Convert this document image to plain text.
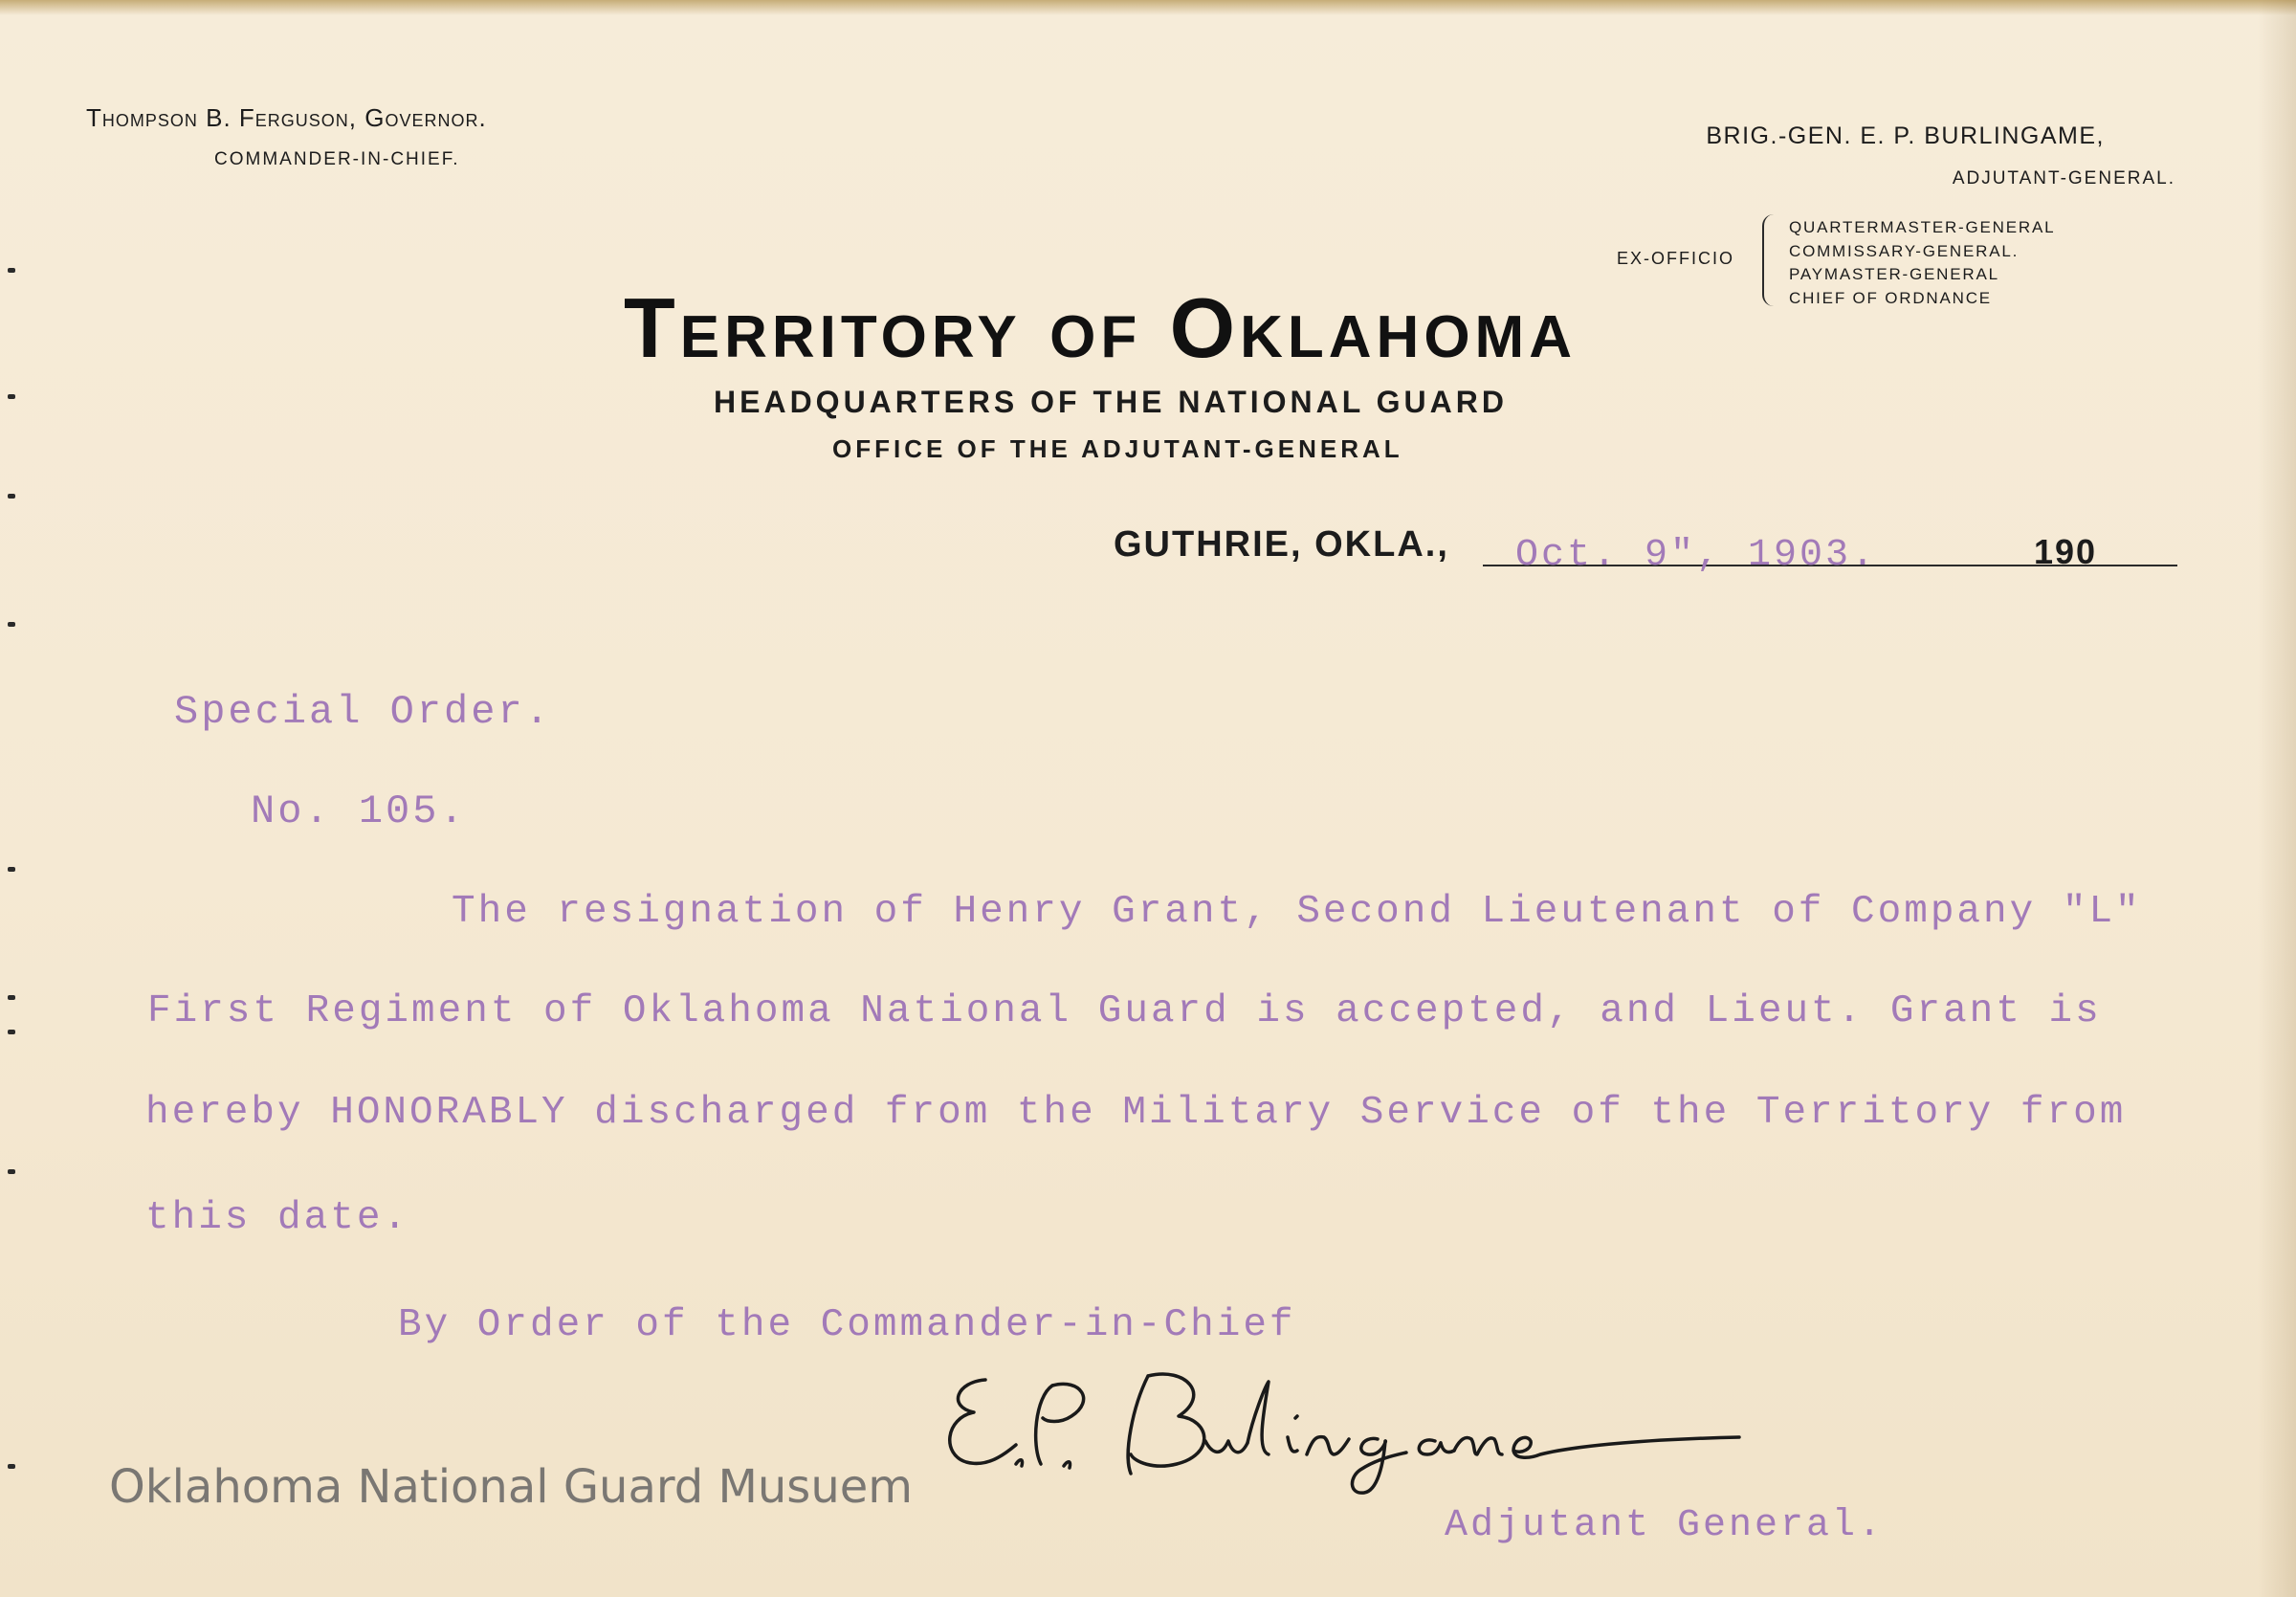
Thompson B. Ferguson, Governor.
COMMANDER-IN-CHIEF.
BRIG.-GEN. E. P. BURLINGAME,
ADJUTANT-GENERAL.
EX-OFFICIO
QUARTERMASTER-GENERAL
COMMISSARY-GENERAL.
PAYMASTER-GENERAL
CHIEF OF ORDNANCE
Territory of Oklahoma
HEADQUARTERS OF THE NATIONAL GUARD
OFFICE OF THE ADJUTANT-GENERAL
GUTHRIE, OKLA., Oct. 9", 1903.	190
Special Order.
No. 105.
The resignation of Henry Grant, Second Lieutenant of Company "L"
First Regiment of Oklahoma National Guard is accepted, and Lieut. Grant is
hereby HONORABLY discharged from the Military Service of the Territory from
this date.
By Order of the Commander-in-Chief
Adjutant General.
Oklahoma National Guard Musuem
